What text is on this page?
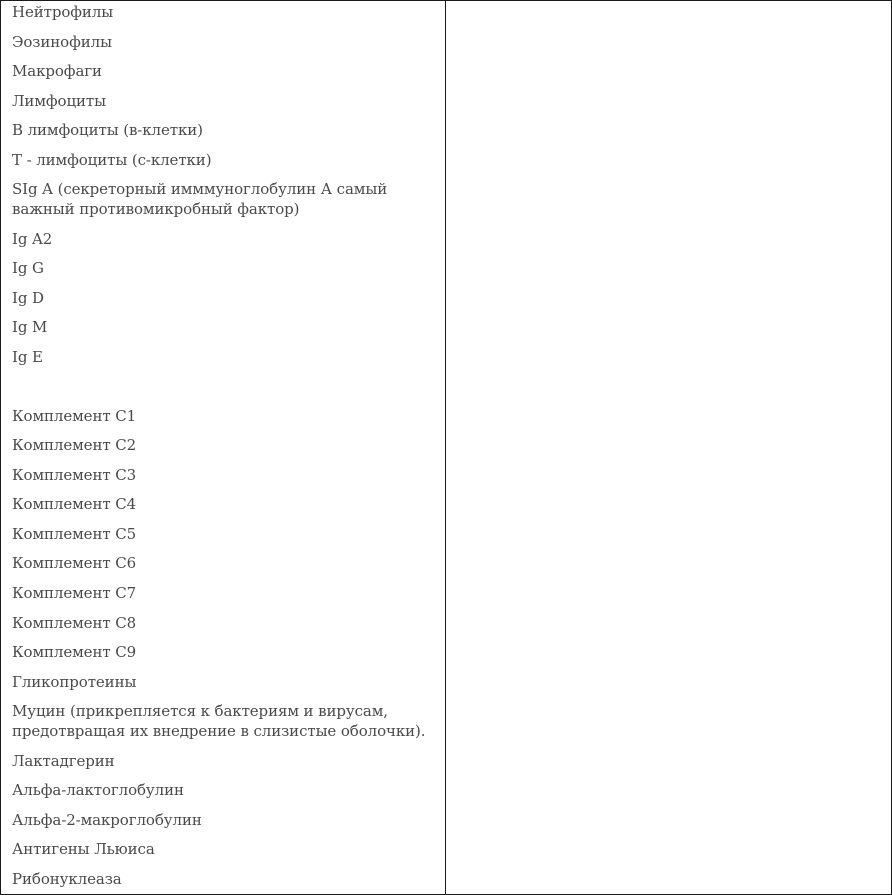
Нейтрофилы
Эозинофилы
Макрофаги
Лимфоциты
В лимфоциты (в-клетки)
Т - лимфоциты (с-клетки)
SIg A (секреторный имммуноглобулин А самый
важный противомикробный фактор)
Ig A2
Ig G
Ig D
Ig M
Ig E
Комплемент С1
Комплемент С2
Комплемент С3
Комплемент С4
Комплемент С5
Комплемент С6
Комплемент С7
Комплемент С8
Комплемент С9
Гликопротеины
Муцин (прикрепляется к бактериям и вирусам,
предотвращая их внедрение в слизистые оболочки).
Лактадгерин
Альфа-лактоглобулин
Альфа-2-макроглобулин
Антигены Льюиса
Рибонуклеаза
